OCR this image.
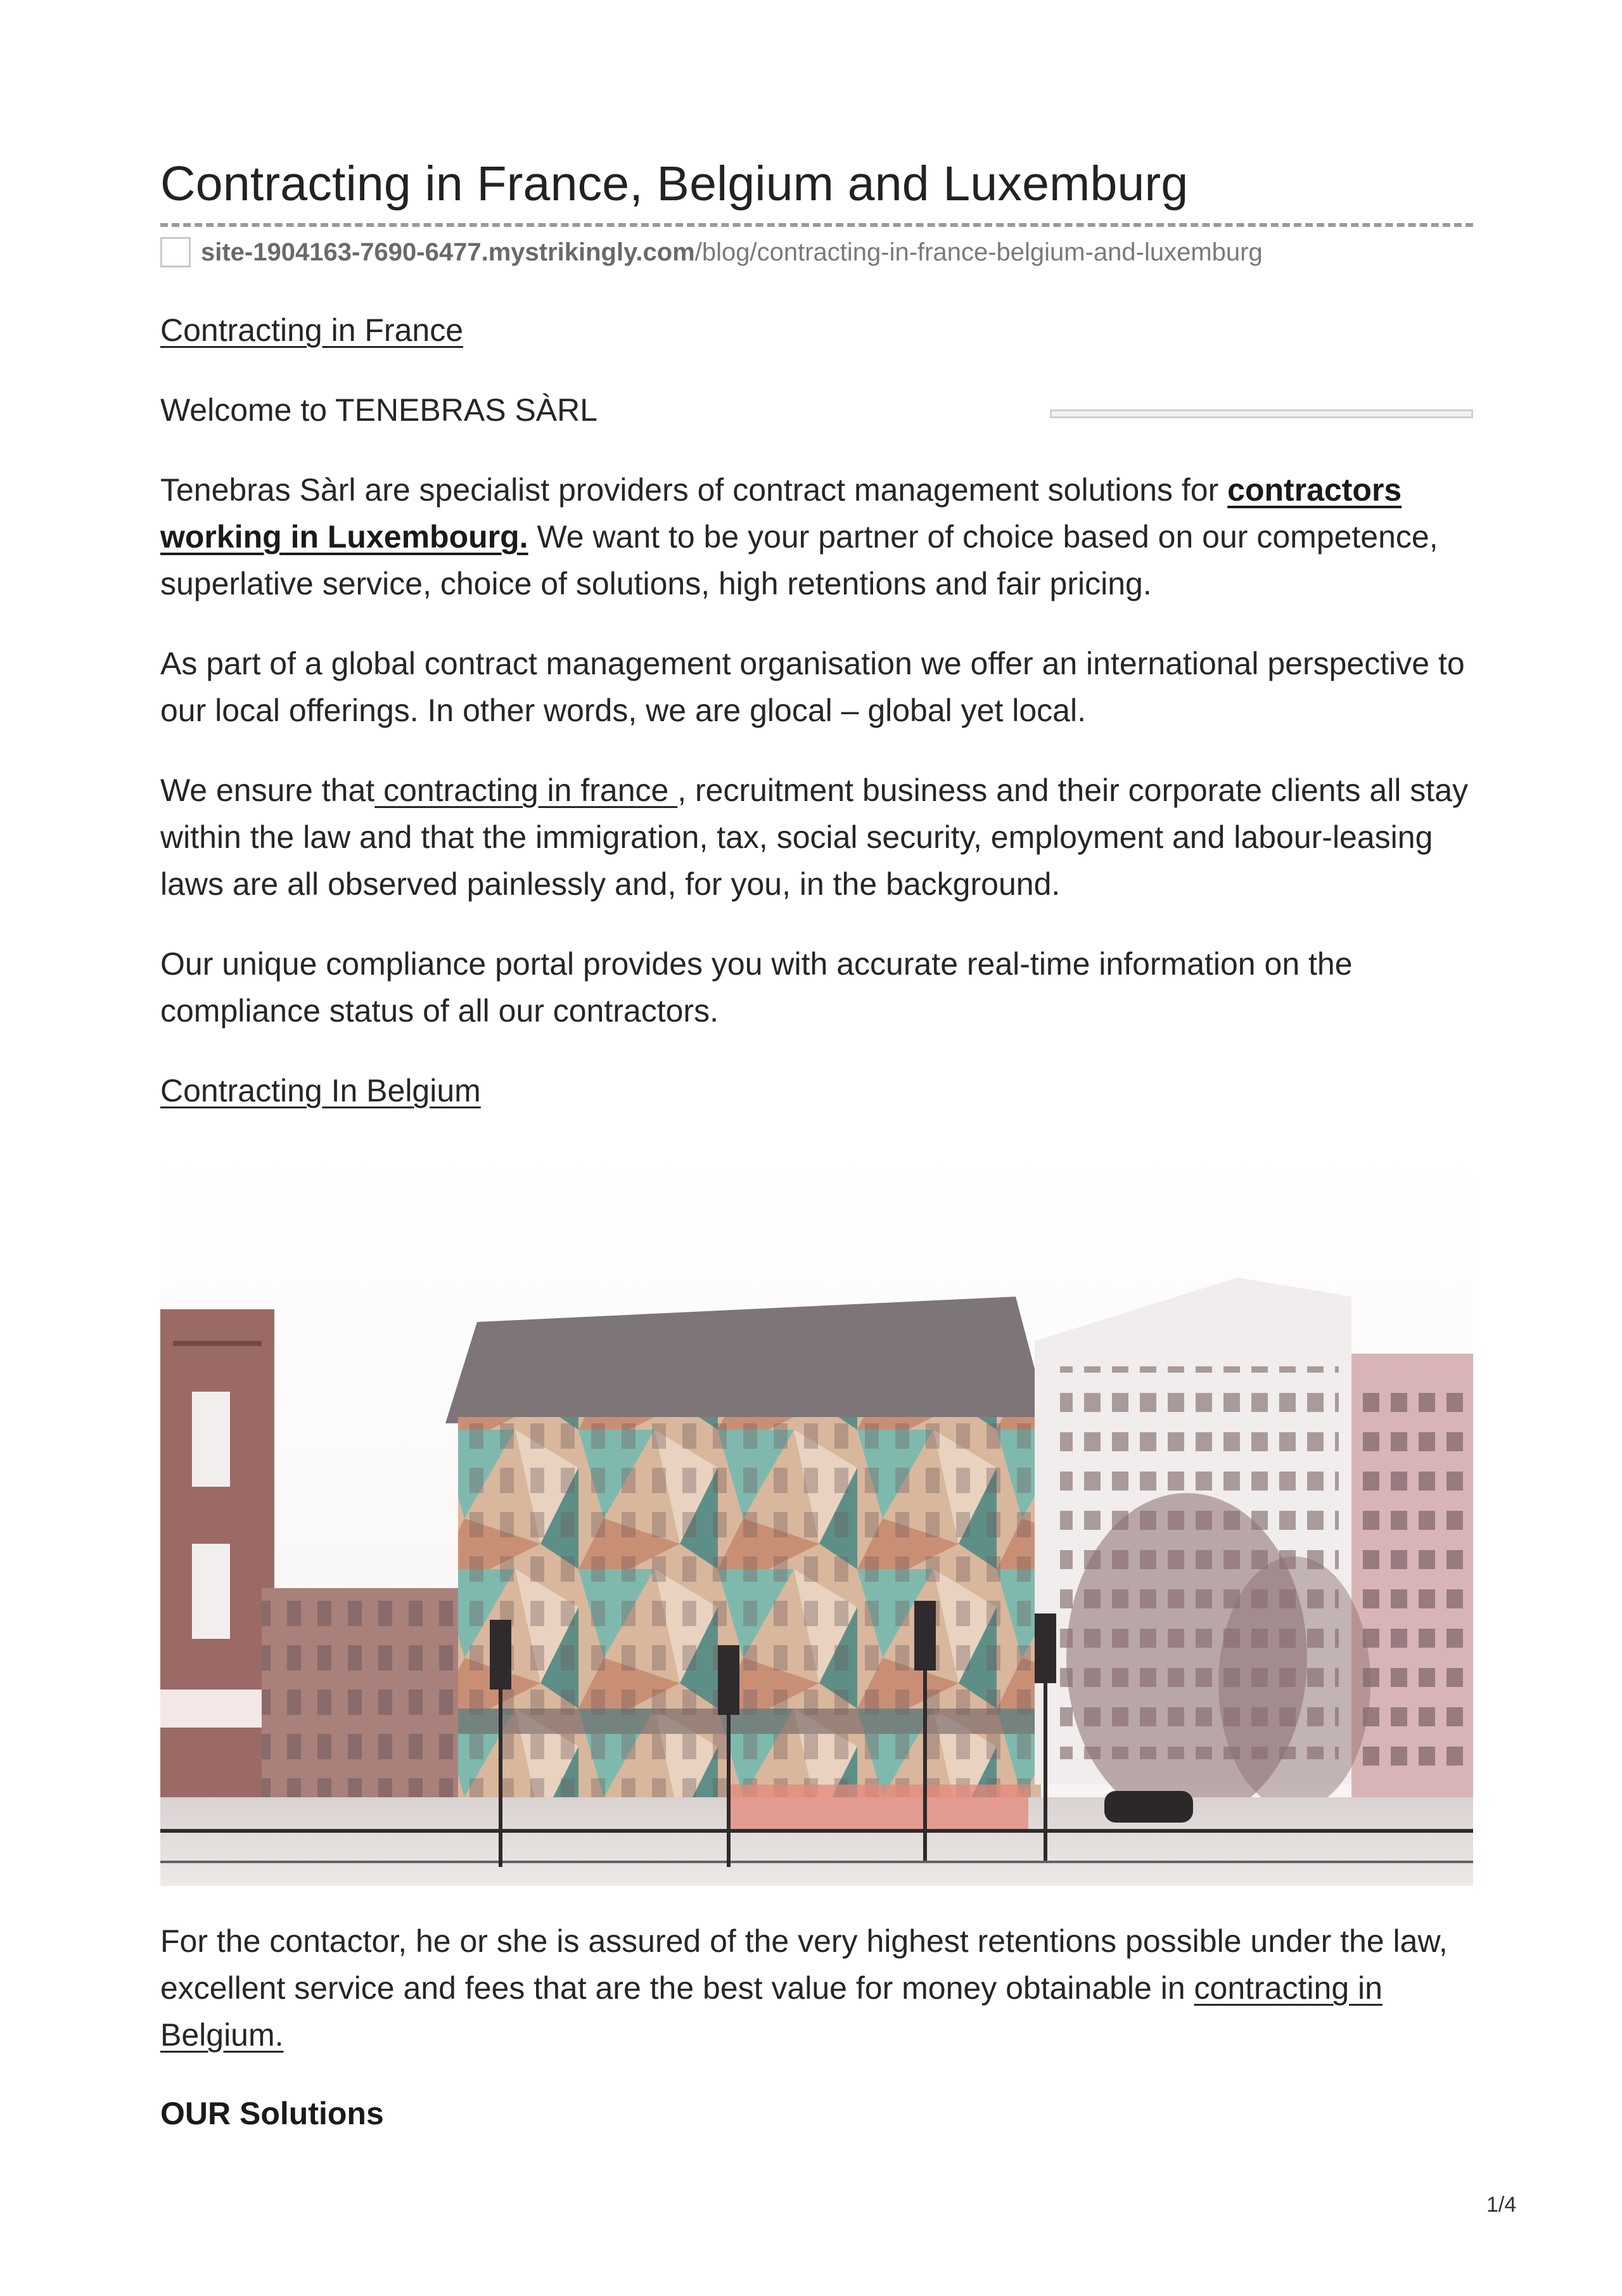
Contracting in France, Belgium and Luxemburg
site-1904163-7690-6477.mystrikingly.com/blog/contracting-in-france-belgium-and-luxemburg

Contracting in France

Welcome to TENEBRAS SÀRL

Tenebras Sàrl are specialist providers of contract management solutions for contractors working in Luxembourg. We want to be your partner of choice based on our competence, superlative service, choice of solutions, high retentions and fair pricing.

As part of a global contract management organisation we offer an international perspective to our local offerings. In other words, we are glocal – global yet local.

We ensure that contracting in france , recruitment business and their corporate clients all stay within the law and that the immigration, tax, social security, employment and labour-leasing laws are all observed painlessly and, for you, in the background.

Our unique compliance portal provides you with accurate real-time information on the compliance status of all our contractors.

Contracting In Belgium

For the contactor, he or she is assured of the very highest retentions possible under the law, excellent service and fees that are the best value for money obtainable in contracting in Belgium.

OUR Solutions

1/4
